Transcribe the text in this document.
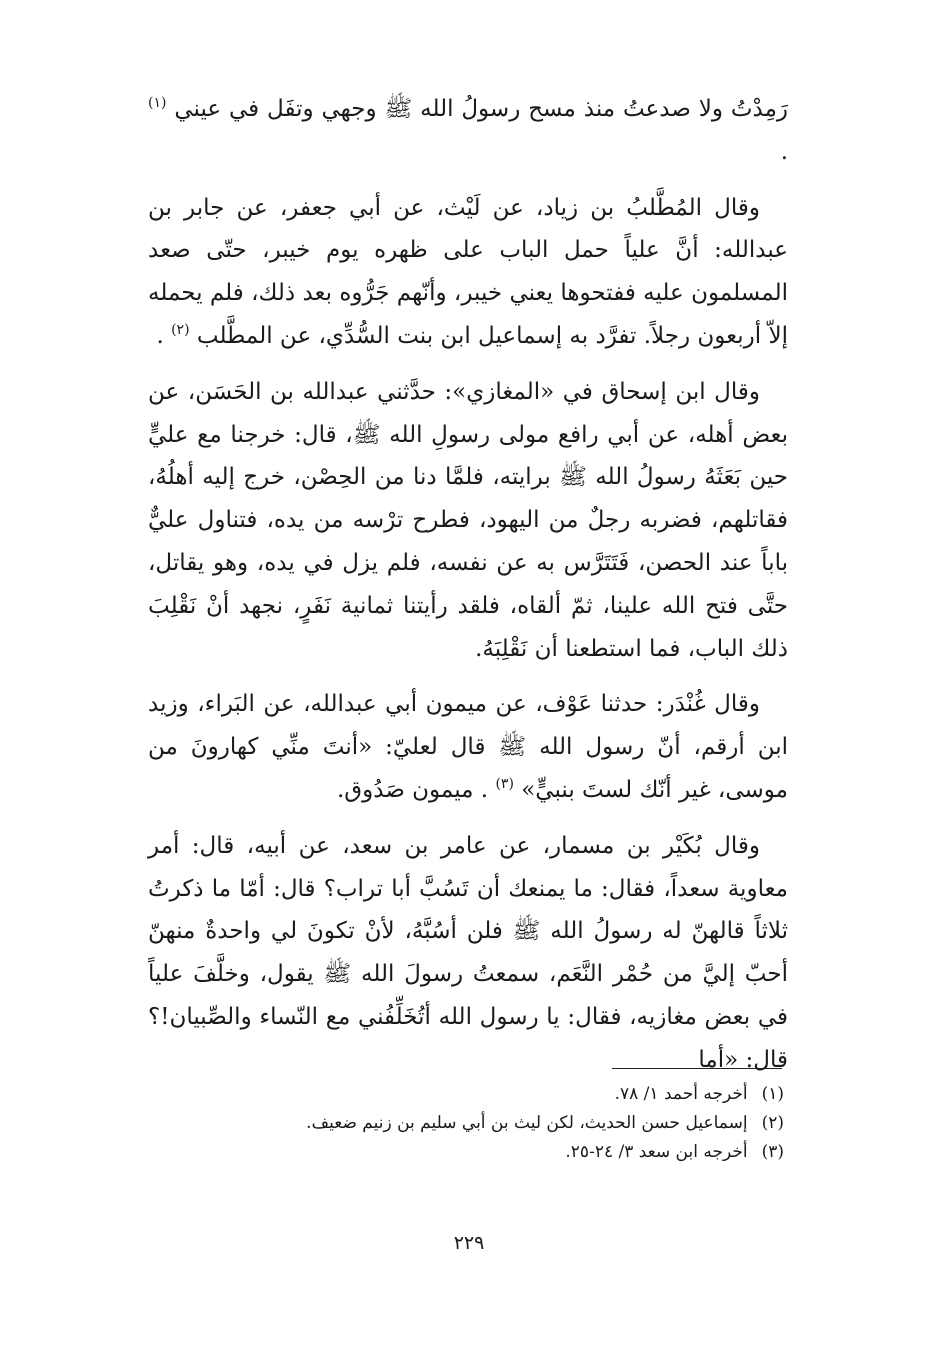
رَمِدْتُ ولا صدعتُ منذ مسح رسولُ الله ﷺ وجهي وتفَل في عيني $^{(١)}$ .

وقال المُطَّلبُ بن زياد، عن لَيْث، عن أبي جعفر، عن جابر بن عبدالله: أنَّ علياً حمل الباب على ظهره يوم خيبر، حتّى صعد المسلمون عليه ففتحوها يعني خيبر، وأنّهم جَرُّوه بعد ذلك، فلم يحمله إلاّ أربعون رجلاً. تفرَّد به إسماعيل ابن بنت السُّدِّي، عن المطَّلب $^{(٢)}$ .

وقال ابن إسحاق في «المغازي»: حدَّثني عبدالله بن الحَسَن، عن بعض أهله، عن أبي رافع مولى رسولِ الله ﷺ، قال: خرجنا مع عليٍّ حين بَعَثَهُ رسولُ الله ﷺ برايته، فلمَّا دنا من الحِصْن، خرج إليه أهلُهُ، فقاتلهم، فضربه رجلٌ من اليهود، فطرح ترْسه من يده، فتناول عليٌّ باباً عند الحصن، فَتَتَرَّس به عن نفسه، فلم يزل في يده، وهو يقاتل، حتَّى فتح الله علينا، ثمّ ألقاه، فلقد رأيتنا ثمانية نَفَرٍ، نجهد أنْ نَقْلِبَ ذلك الباب، فما استطعنا أن نَقْلِبَهُ.

وقال غُنْدَر: حدثنا عَوْف، عن ميمون أبي عبدالله، عن البَراء، وزيد ابن أرقم، أنّ رسول الله ﷺ قال لعليّ: «أنتَ منِّي كهارونَ من موسى، غير أنّك لستَ بنبيٍّ» $^{(٣)}$ . ميمون صَدُوق.

وقال بُكَيْر بن مسمار، عن عامر بن سعد، عن أبيه، قال: أمر معاوية سعداً، فقال: ما يمنعك أن تَسُبَّ أبا تراب؟ قال: أمّا ما ذكرتُ ثلاثاً قالهنّ له رسولُ الله ﷺ فلن أسُبَّهُ، لأنْ تكونَ لي واحدةٌ منهنّ أحبّ إليَّ من حُمْر النَّعَم، سمعتُ رسولَ الله ﷺ يقول، وخلَّفَ علياً في بعض مغازيه، فقال: يا رسول الله أتُخَلِّفُني مع النّساء والصِّبيان!؟ قال: «أما

(١)أخرجه أحمد ١/ ٧٨.

(٢)إسماعيل حسن الحديث، لكن ليث بن أبي سليم بن زنيم ضعيف.

(٣)أخرجه ابن سعد ٣/ ٢٤-٢٥.

٢٢٩
